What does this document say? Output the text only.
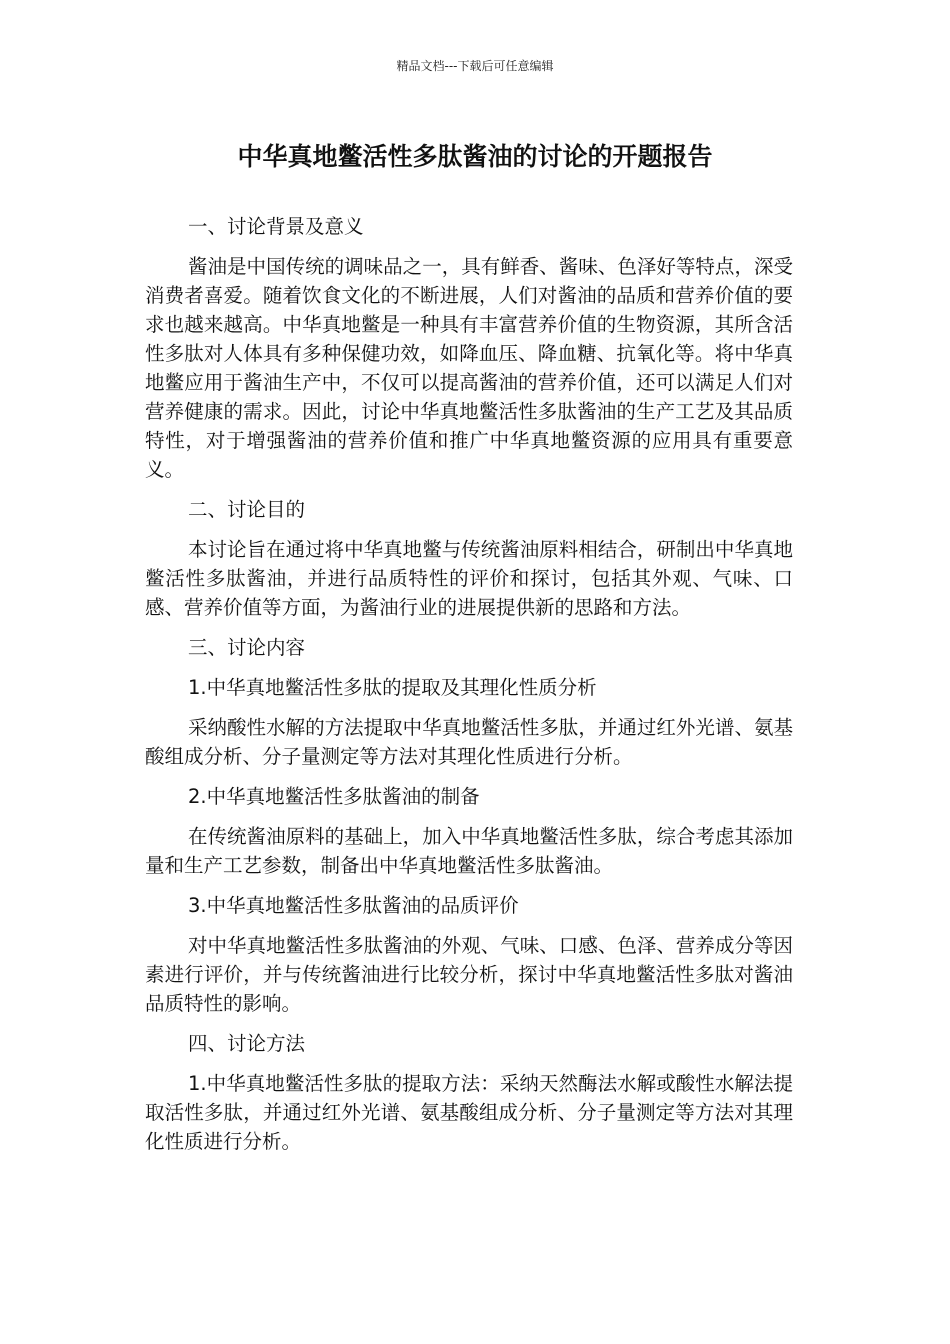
精品文档---下载后可任意编辑
中华真地鳖活性多肽酱油的讨论的开题报告

一、讨论背景及意义

酱油是中国传统的调味品之一，具有鲜香、酱味、色泽好等特点，深受消费者喜爱。随着饮食文化的不断进展，人们对酱油的品质和营养价值的要求也越来越高。中华真地鳖是一种具有丰富营养价值的生物资源，其所含活性多肽对人体具有多种保健功效，如降血压、降血糖、抗氧化等。将中华真地鳖应用于酱油生产中，不仅可以提高酱油的营养价值，还可以满足人们对营养健康的需求。因此，讨论中华真地鳖活性多肽酱油的生产工艺及其品质特性，对于增强酱油的营养价值和推广中华真地鳖资源的应用具有重要意义。

二、讨论目的

本讨论旨在通过将中华真地鳖与传统酱油原料相结合，研制出中华真地鳖活性多肽酱油，并进行品质特性的评价和探讨，包括其外观、气味、口感、营养价值等方面，为酱油行业的进展提供新的思路和方法。

三、讨论内容

1.中华真地鳖活性多肽的提取及其理化性质分析

采纳酸性水解的方法提取中华真地鳖活性多肽，并通过红外光谱、氨基酸组成分析、分子量测定等方法对其理化性质进行分析。

2.中华真地鳖活性多肽酱油的制备

在传统酱油原料的基础上，加入中华真地鳖活性多肽，综合考虑其添加量和生产工艺参数，制备出中华真地鳖活性多肽酱油。

3.中华真地鳖活性多肽酱油的品质评价

对中华真地鳖活性多肽酱油的外观、气味、口感、色泽、营养成分等因素进行评价，并与传统酱油进行比较分析，探讨中华真地鳖活性多肽对酱油品质特性的影响。

四、讨论方法

1.中华真地鳖活性多肽的提取方法：采纳天然酶法水解或酸性水解法提取活性多肽，并通过红外光谱、氨基酸组成分析、分子量测定等方法对其理化性质进行分析。
